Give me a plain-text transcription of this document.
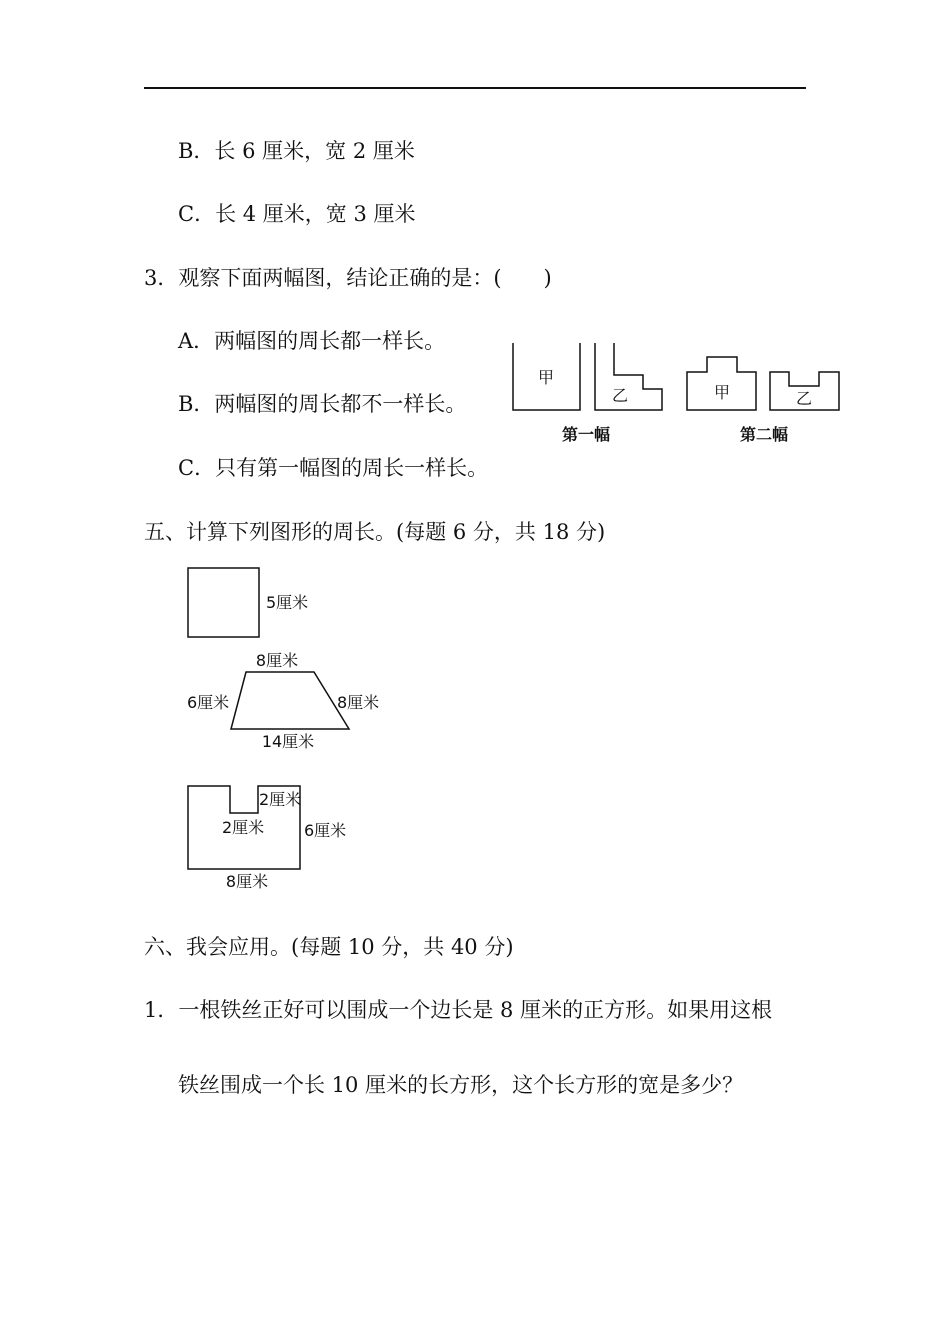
B．长 6 厘米，宽 2 厘米
C．长 4 厘米，宽 3 厘米
3．观察下面两幅图，结论正确的是：(　　)
A．两幅图的周长都一样长。
B．两幅图的周长都不一样长。
C．只有第一幅图的周长一样长。
五、计算下列图形的周长。(每题 6 分，共 18 分)
六、我会应用。(每题 10 分，共 40 分)
1．一根铁丝正好可以围成一个边长是 8 厘米的正方形。如果用这根
铁丝围成一个长 10 厘米的长方形，这个长方形的宽是多少？
甲
乙	甲	乙
第一幅	第二幅
5厘米
8厘米
6厘米	8厘米
14厘米
2厘米
2厘米 6厘米
8厘米
